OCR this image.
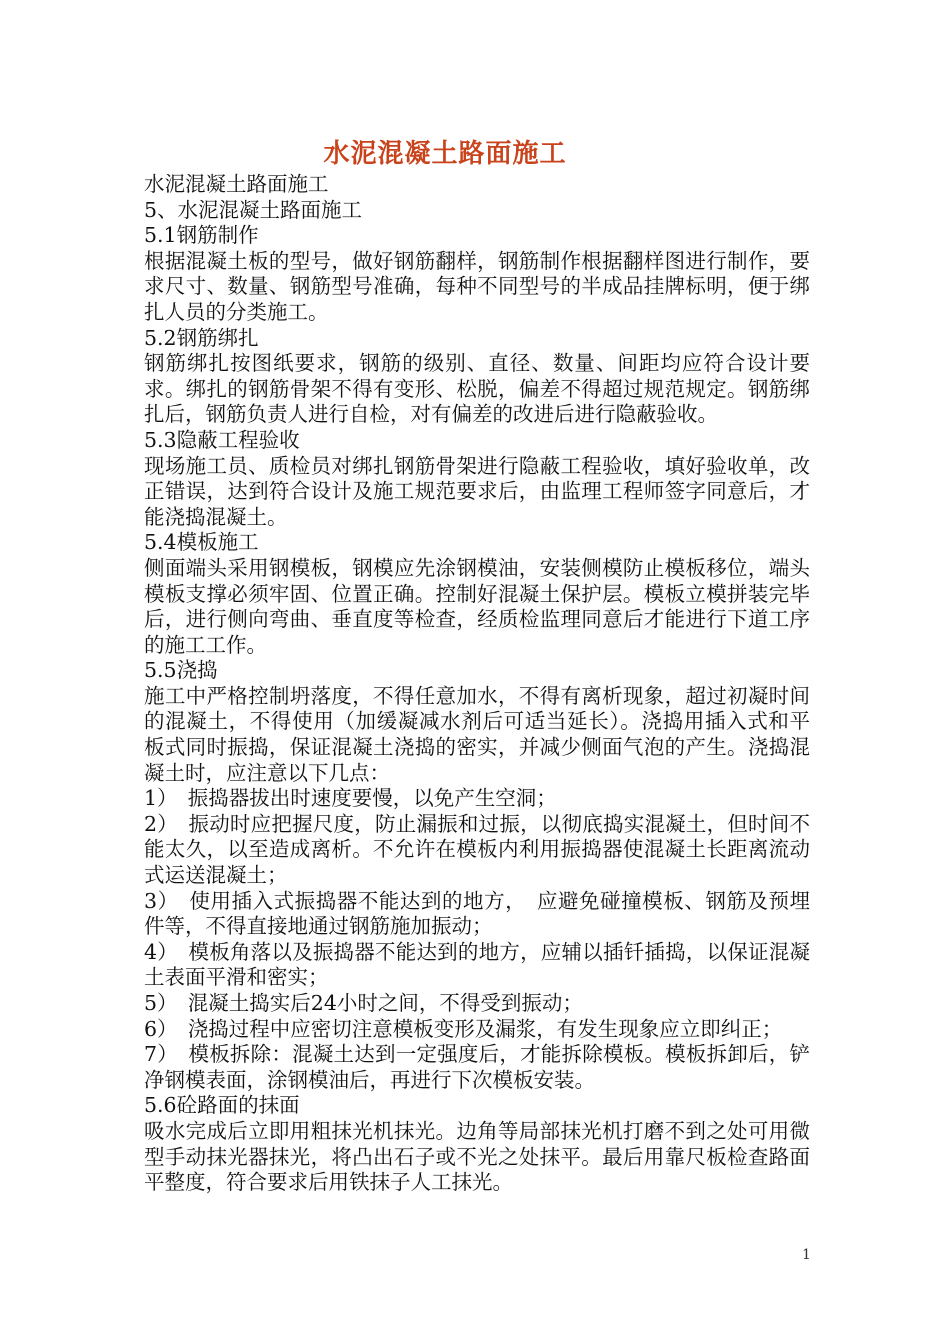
水泥混凝土路面施工

水泥混凝土路面施工

5、水泥混凝土路面施工

5.1钢筋制作

根据混凝土板的型号，做好钢筋翻样，钢筋制作根据翻样图进行制作，要求尺寸、数量、钢筋型号准确，每种不同型号的半成品挂牌标明，便于绑扎人员的分类施工。

5.2钢筋绑扎

钢筋绑扎按图纸要求，钢筋的级别、直径、数量、间距均应符合设计要求。绑扎的钢筋骨架不得有变形、松脱，偏差不得超过规范规定。钢筋绑扎后，钢筋负责人进行自检，对有偏差的改进后进行隐蔽验收。

5.3隐蔽工程验收

现场施工员、质检员对绑扎钢筋骨架进行隐蔽工程验收，填好验收单，改正错误，达到符合设计及施工规范要求后，由监理工程师签字同意后，才能浇捣混凝土。

5.4模板施工

侧面端头采用钢模板，钢模应先涂钢模油，安装侧模防止模板移位，端头模板支撑必须牢固、位置正确。控制好混凝土保护层。模板立模拼装完毕后，进行侧向弯曲、垂直度等检查，经质检监理同意后才能进行下道工序的施工工作。

5.5浇捣

施工中严格控制坍落度，不得任意加水，不得有离析现象，超过初凝时间的混凝土，不得使用（加缓凝减水剂后可适当延长）。浇捣用插入式和平板式同时振捣，保证混凝土浇捣的密实，并减少侧面气泡的产生。浇捣混凝土时，应注意以下几点：

1）　振捣器拔出时速度要慢，以免产生空洞；

2）　振动时应把握尺度，防止漏振和过振，以彻底捣实混凝土，但时间不能太久，以至造成离析。不允许在模板内利用振捣器使混凝土长距离流动式运送混凝土；

3）　使用插入式振捣器不能达到的地方，　应避免碰撞模板、钢筋及预埋件等，不得直接地通过钢筋施加振动；

4）　模板角落以及振捣器不能达到的地方，应辅以插钎插捣，以保证混凝土表面平滑和密实；

5）　混凝土捣实后24小时之间，不得受到振动；

6）　浇捣过程中应密切注意模板变形及漏浆，有发生现象应立即纠正；

7）　模板拆除：混凝土达到一定强度后，才能拆除模板。模板拆卸后，铲净钢模表面，涂钢模油后，再进行下次模板安装。

5.6砼路面的抹面

吸水完成后立即用粗抹光机抹光。边角等局部抹光机打磨不到之处可用微型手动抹光器抹光，将凸出石子或不光之处抹平。最后用靠尺板检查路面平整度，符合要求后用铁抹子人工抹光。

1
